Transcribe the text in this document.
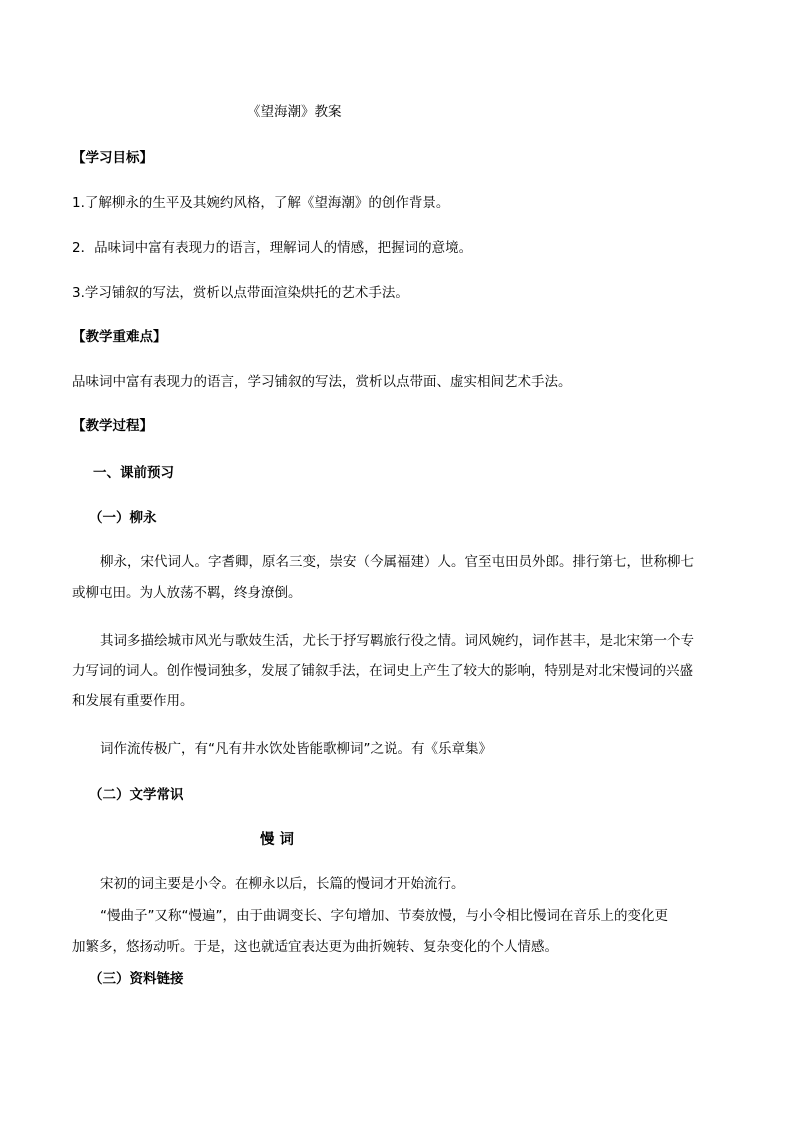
《望海潮》教案
【学习目标】
1.了解柳永的生平及其婉约风格，了解《望海潮》的创作背景。
2．品味词中富有表现力的语言，理解词人的情感，把握词的意境。
3.学习铺叙的写法，赏析以点带面渲染烘托的艺术手法。
【教学重难点】
品味词中富有表现力的语言，学习铺叙的写法，赏析以点带面、虚实相间艺术手法。
【教学过程】
一、课前预习
（一）柳永
柳永，宋代词人。字耆卿，原名三变，崇安（今属福建）人。官至屯田员外郎。排行第七，世称柳七
或柳屯田。为人放荡不羁，终身潦倒。
其词多描绘城市风光与歌妓生活，尤长于抒写羁旅行役之情。词风婉约，词作甚丰，是北宋第一个专
力写词的词人。创作慢词独多，发展了铺叙手法，在词史上产生了较大的影响，特别是对北宋慢词的兴盛
和发展有重要作用。
词作流传极广，有“凡有井水饮处皆能歌柳词”之说。有《乐章集》
（二）文学常识
慢 词
宋初的词主要是小令。在柳永以后，长篇的慢词才开始流行。
“慢曲子”又称“慢遍”，由于曲调变长、字句增加、节奏放慢，与小令相比慢词在音乐上的变化更
加繁多，悠扬动听。于是，这也就适宜表达更为曲折婉转、复杂变化的个人情感。
（三）资料链接
